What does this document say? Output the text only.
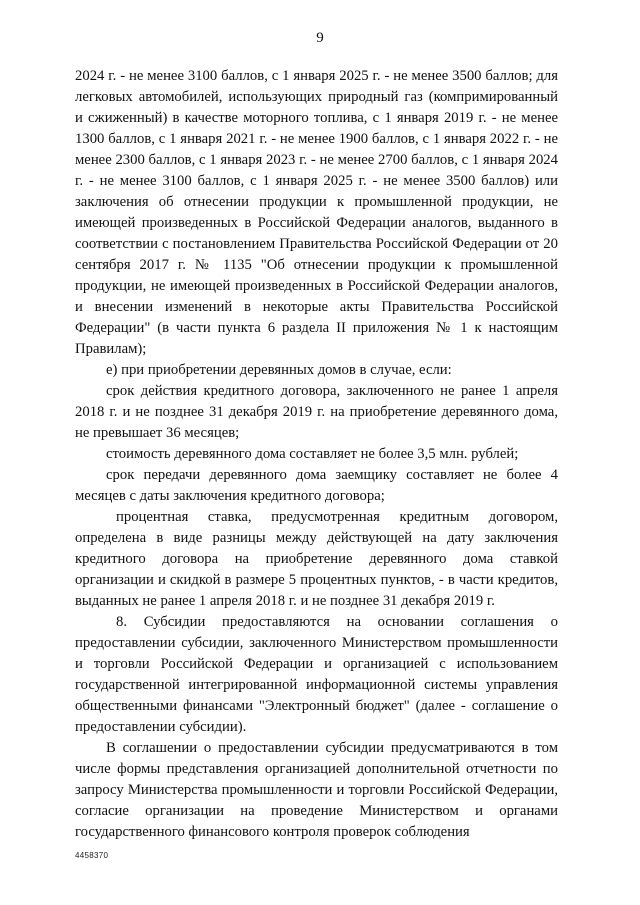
9

2024 г. - не менее 3100 баллов, с 1 января 2025 г. - не менее 3500 баллов; для легковых автомобилей, использующих природный газ (компримированный и сжиженный) в качестве моторного топлива, с 1 января 2019 г. - не менее 1300 баллов, с 1 января 2021 г. - не менее 1900 баллов, с 1 января 2022 г. - не менее 2300 баллов, с 1 января 2023 г. - не менее 2700 баллов, с 1 января 2024 г. - не менее 3100 баллов, с 1 января 2025 г. - не менее 3500 баллов) или заключения об отнесении продукции к промышленной продукции, не имеющей произведенных в Российской Федерации аналогов, выданного в соответствии с постановлением Правительства Российской Федерации от 20 сентября 2017 г. № 1135 "Об отнесении продукции к промышленной продукции, не имеющей произведенных в Российской Федерации аналогов, и внесении изменений в некоторые акты Правительства Российской Федерации" (в части пункта 6 раздела II приложения № 1 к настоящим Правилам);

е) при приобретении деревянных домов в случае, если:

срок действия кредитного договора, заключенного не ранее 1 апреля 2018 г. и не позднее 31 декабря 2019 г. на приобретение деревянного дома, не превышает 36 месяцев;

стоимость деревянного дома составляет не более 3,5 млн. рублей;

срок передачи деревянного дома заемщику составляет не более 4 месяцев с даты заключения кредитного договора;

процентная ставка, предусмотренная кредитным договором, определена в виде разницы между действующей на дату заключения кредитного договора на приобретение деревянного дома ставкой организации и скидкой в размере 5 процентных пунктов, - в части кредитов, выданных не ранее 1 апреля 2018 г. и не позднее 31 декабря 2019 г.

8. Субсидии предоставляются на основании соглашения о предоставлении субсидии, заключенного Министерством промышленности и торговли Российской Федерации и организацией с использованием государственной интегрированной информационной системы управления общественными финансами "Электронный бюджет" (далее - соглашение о предоставлении субсидии).

В соглашении о предоставлении субсидии предусматриваются в том числе формы представления организацией дополнительной отчетности по запросу Министерства промышленности и торговли Российской Федерации, согласие организации на проведение Министерством и органами государственного финансового контроля проверок соблюдения

4458370
